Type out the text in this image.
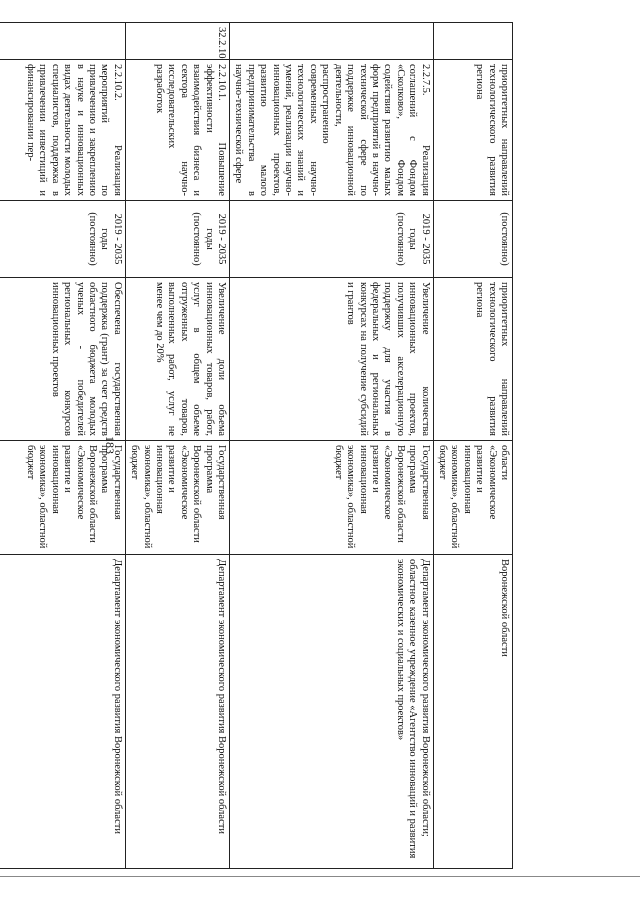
183
	приоритетных направлений технологического развития региона	(постоянно)	приоритетных направлений технологического развития региона	области «Экономическое развитие и инновационная экономика», областной бюджет	Воронежской области
	2.2.7.5. Реализация соглашений с Фондом «Сколково», Фондом содействия развитию малых форм предприятий в научно-технической сфере по поддержке инновационной деятельности, распространению современных научно-технологических знаний и умений, реализации научно-инновационных проектов, развитию малого предпринимательства в научно-технической сфере	2019 - 2035 годы (постоянно)	Увеличение количества инновационных проектов, получивших акселерационную поддержку для участия в федеральных и региональных конкурсах на получение субсидий и грантов	Государственная программа Воронежской области «Экономическое развитие и инновационная экономика», областной бюджет	Департамент экономического развития Воронежской области;
областное казенное учреждение «Агентство инноваций и развития экономических и социальных проектов»
32.2.10	2.2.10.1. Повышение эффективности взаимодействия бизнеса и сектора научно-исследовательских разработок	2019 - 2035 годы (постоянно)	Увеличение доли объема инновационных товаров, работ, услуг в общем объеме отгруженных товаров, выполненных работ, услуг не менее чем до 20%	Государственная программа Воронежской области «Экономическое развитие и инновационная экономика», областной бюджет	Департамент экономического развития Воронежской области
	2.2.10.2. Реализация мероприятий по привлечению и закреплению в науке и инновационных видах деятельности молодых специалистов, поддержка в привлечении инвестиций и финансировании пер-	2019 - 2035 годы (постоянно)	Обеспечена государственная поддержка (грант) за счет средств областного бюджета молодых ученых - победителей региональных конкурсов инновационных проектов	Государственная программа Воронежской области «Экономическое развитие и инновационная экономика», областной бюджет	Департамент экономического развития Воронежской области
